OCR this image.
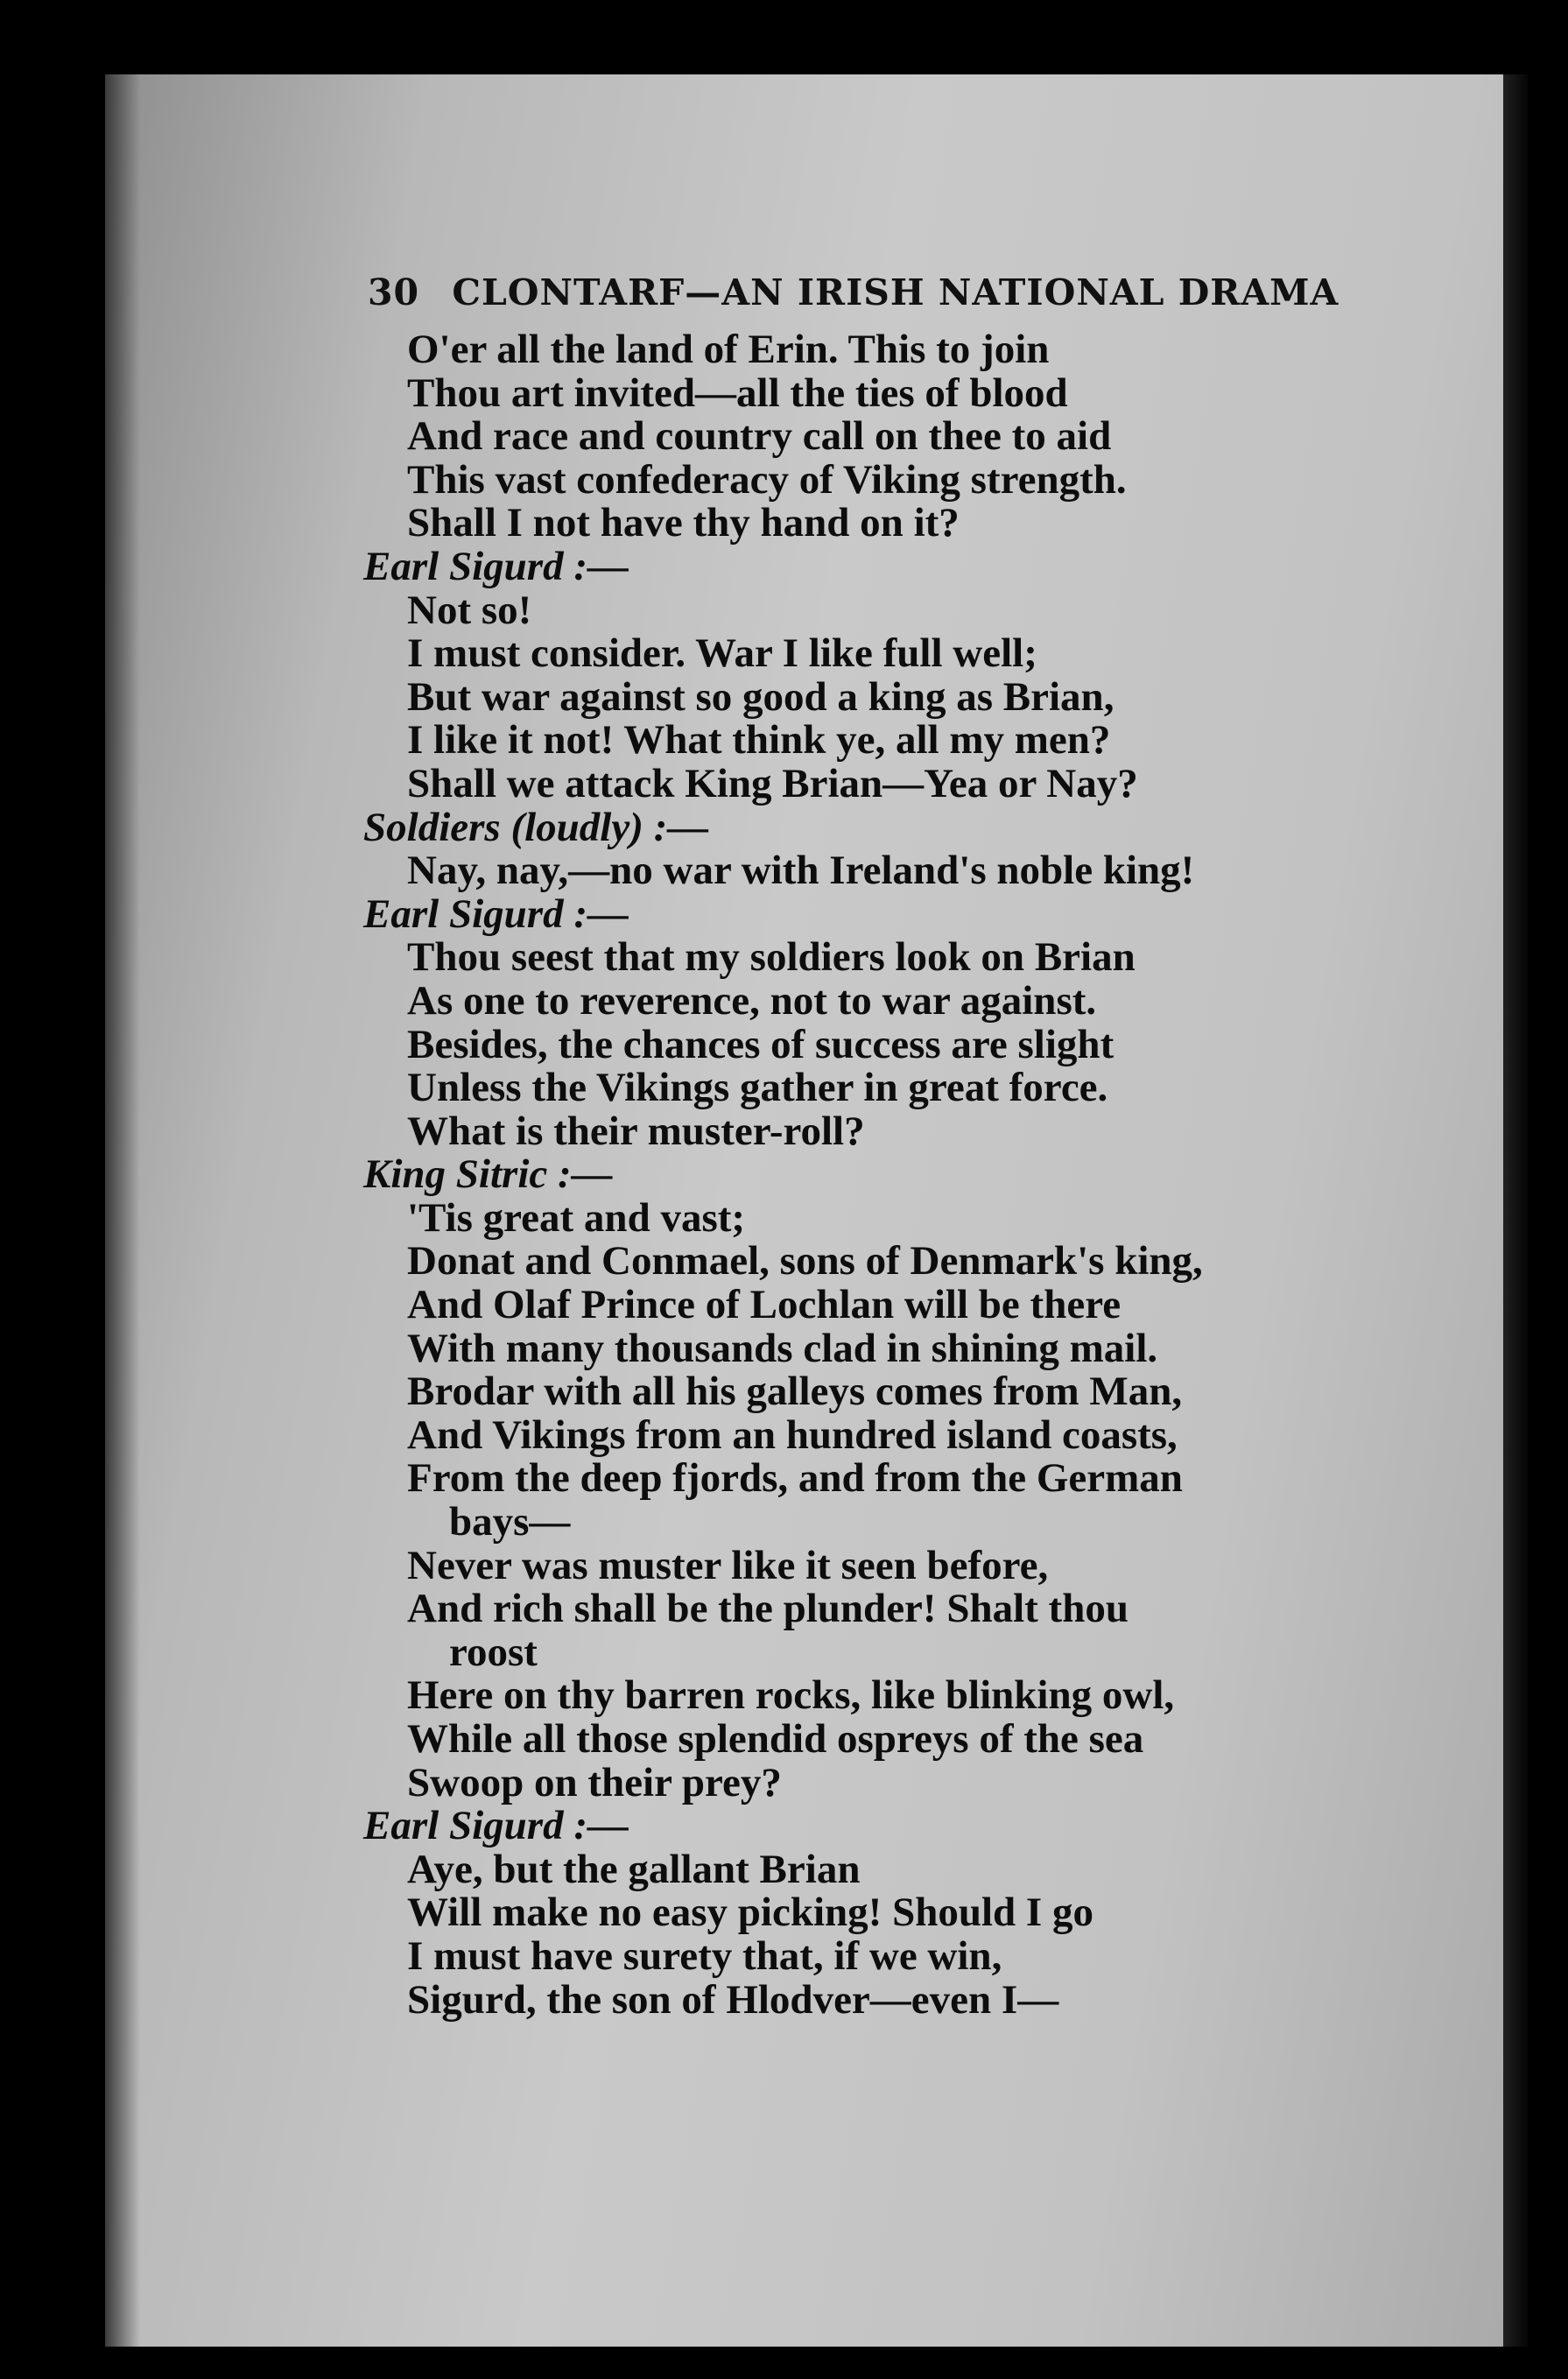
30 CLONTARF—AN IRISH NATIONAL DRAMA
O'er all the land of Erin. This to join
Thou art invited—all the ties of blood
And race and country call on thee to aid
This vast confederacy of Viking strength.
Shall I not have thy hand on it?
Earl Sigurd :—
Not so!
I must consider. War I like full well;
But war against so good a king as Brian,
I like it not! What think ye, all my men?
Shall we attack King Brian—Yea or Nay?
Soldiers (loudly) :—
Nay, nay,—no war with Ireland's noble king!
Earl Sigurd :—
Thou seest that my soldiers look on Brian
As one to reverence, not to war against.
Besides, the chances of success are slight
Unless the Vikings gather in great force.
What is their muster-roll?
King Sitric :—
'Tis great and vast;
Donat and Conmael, sons of Denmark's king,
And Olaf Prince of Lochlan will be there
With many thousands clad in shining mail.
Brodar with all his galleys comes from Man,
And Vikings from an hundred island coasts,
From the deep fjords, and from the German
bays—
Never was muster like it seen before,
And rich shall be the plunder! Shalt thou
roost
Here on thy barren rocks, like blinking owl,
While all those splendid ospreys of the sea
Swoop on their prey?
Earl Sigurd :—
Aye, but the gallant Brian
Will make no easy picking! Should I go
I must have surety that, if we win,
Sigurd, the son of Hlodver—even I—
